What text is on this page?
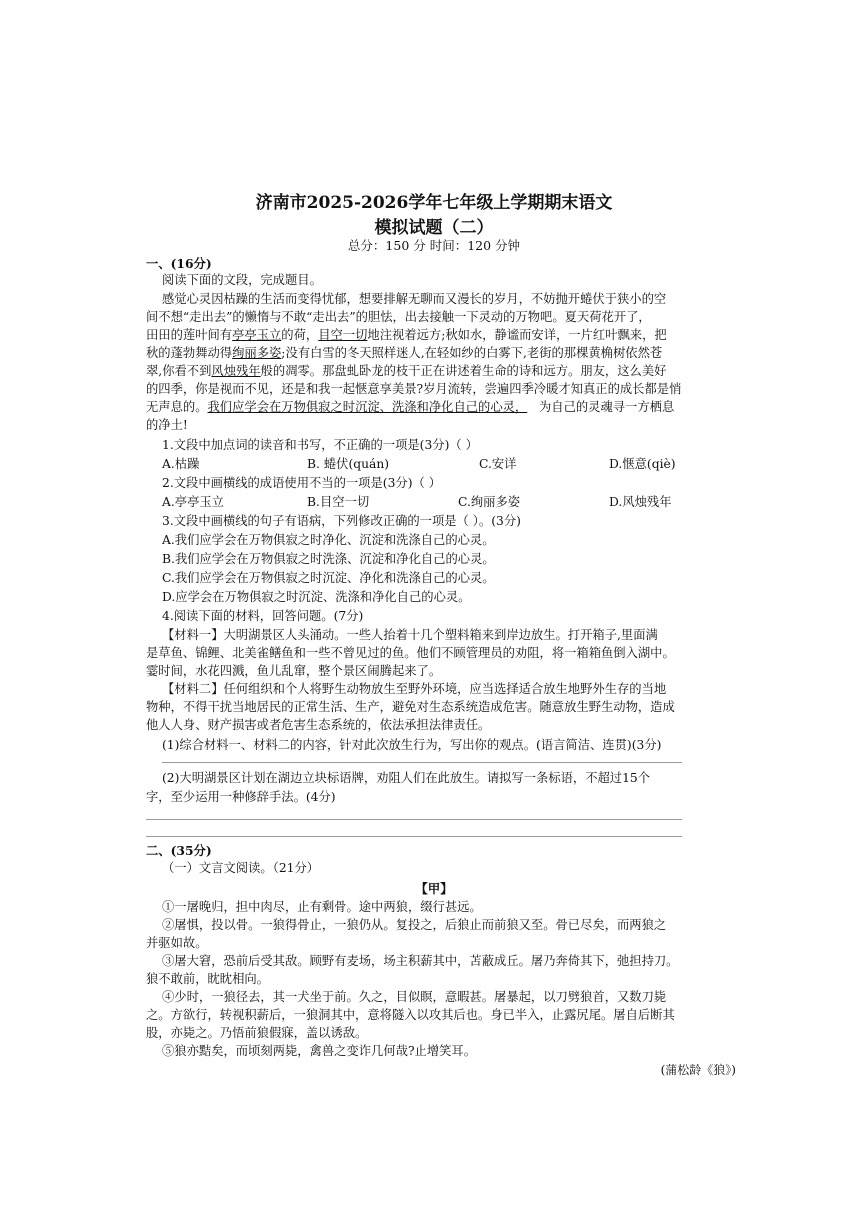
济南市2025-2026学年七年级上学期期末语文
模拟试题（二）
总分：150 分 时间：120 分钟
一、(16分)
阅读下面的文段，完成题目。
感觉心灵因枯躁的生活而变得忧郁，想要排解无聊而又漫长的岁月，不妨抛开蜷伏于狭小的空
间不想“走出去”的懒惰与不敢“走出去”的胆怯，出去接触一下灵动的万物吧。夏天荷花开了，
田田的莲叶间有亭亭玉立的荷，目空一切地注视着远方;秋如水，静谧而安详，一片红叶飘来，把
秋的蓬勃舞动得绚丽多姿;没有白雪的冬天照样迷人,在轻如纱的白雾下,老街的那棵黄桷树依然苍
翠,你看不到风烛残年般的凋零。那盘虬卧龙的枝干正在讲述着生命的诗和远方。朋友，这么美好
的四季，你是视而不见，还是和我一起惬意享美景?岁月流转，尝遍四季冷暖才知真正的成长都是悄
无声息的。我们应学会在万物俱寂之时沉淀、洗涤和净化自己的心灵， 为自己的灵魂寻一方栖息
的净土!
1.文段中加点词的读音和书写，不正确的一项是(3分)（ ）
A.枯躁	B. 蜷伏(quán)	C.安详	D.惬意(qiè)
2.文段中画横线的成语使用不当的一项是(3分)（ ）
A.亭亭玉立	B.目空一切	C.绚丽多姿	D.风烛残年
3.文段中画横线的句子有语病，下列修改正确的一项是（ ）。(3分)
A.我们应学会在万物俱寂之时净化、沉淀和洗涤自己的心灵。
B.我们应学会在万物俱寂之时洗涤、沉淀和净化自己的心灵。
C.我们应学会在万物俱寂之时沉淀、净化和洗涤自己的心灵。
D.应学会在万物俱寂之时沉淀、洗涤和净化自己的心灵。
4.阅读下面的材料，回答问题。(7分)
【材料一】大明湖景区人头涌动。一些人抬着十几个塑料箱来到岸边放生。打开箱子,里面满
是草鱼、锦鲤、北美雀鳝鱼和一些不曾见过的鱼。他们不顾管理员的劝阻，将一箱箱鱼倒入湖中。
霎时间，水花四溅，鱼儿乱窜，整个景区闹腾起来了。
【材料二】任何组织和个人将野生动物放生至野外环境，应当选择适合放生地野外生存的当地
物种，不得干扰当地居民的正常生活、生产，避免对生态系统造成危害。随意放生野生动物，造成
他人人身、财产损害或者危害生态系统的，依法承担法律责任。
(1)综合材料一、材料二的内容，针对此次放生行为，写出你的观点。(语言简洁、连贯)(3分)
(2)大明湖景区计划在湖边立块标语牌，劝阻人们在此放生。请拟写一条标语，不超过15个
字，至少运用一种修辞手法。(4分)
二、(35分)
（一）文言文阅读。（21分）
【甲】
①一屠晚归，担中肉尽，止有剩骨。途中两狼，缀行甚远。
②屠惧，投以骨。一狼得骨止，一狼仍从。复投之，后狼止而前狼又至。骨已尽矣，而两狼之
并驱如故。
③屠大窘，恐前后受其敌。顾野有麦场，场主积薪其中，苫蔽成丘。屠乃奔倚其下，弛担持刀。
狼不敢前，眈眈相向。
④少时，一狼径去，其一犬坐于前。久之，目似瞑，意暇甚。屠暴起，以刀劈狼首，又数刀毙
之。方欲行，转视积薪后，一狼洞其中，意将隧入以攻其后也。身已半入，止露尻尾。屠自后断其
股，亦毙之。乃悟前狼假寐，盖以诱敌。
⑤狼亦黠矣，而顷刻两毙，禽兽之变诈几何哉?止增笑耳。
(蒲松龄《狼》)
